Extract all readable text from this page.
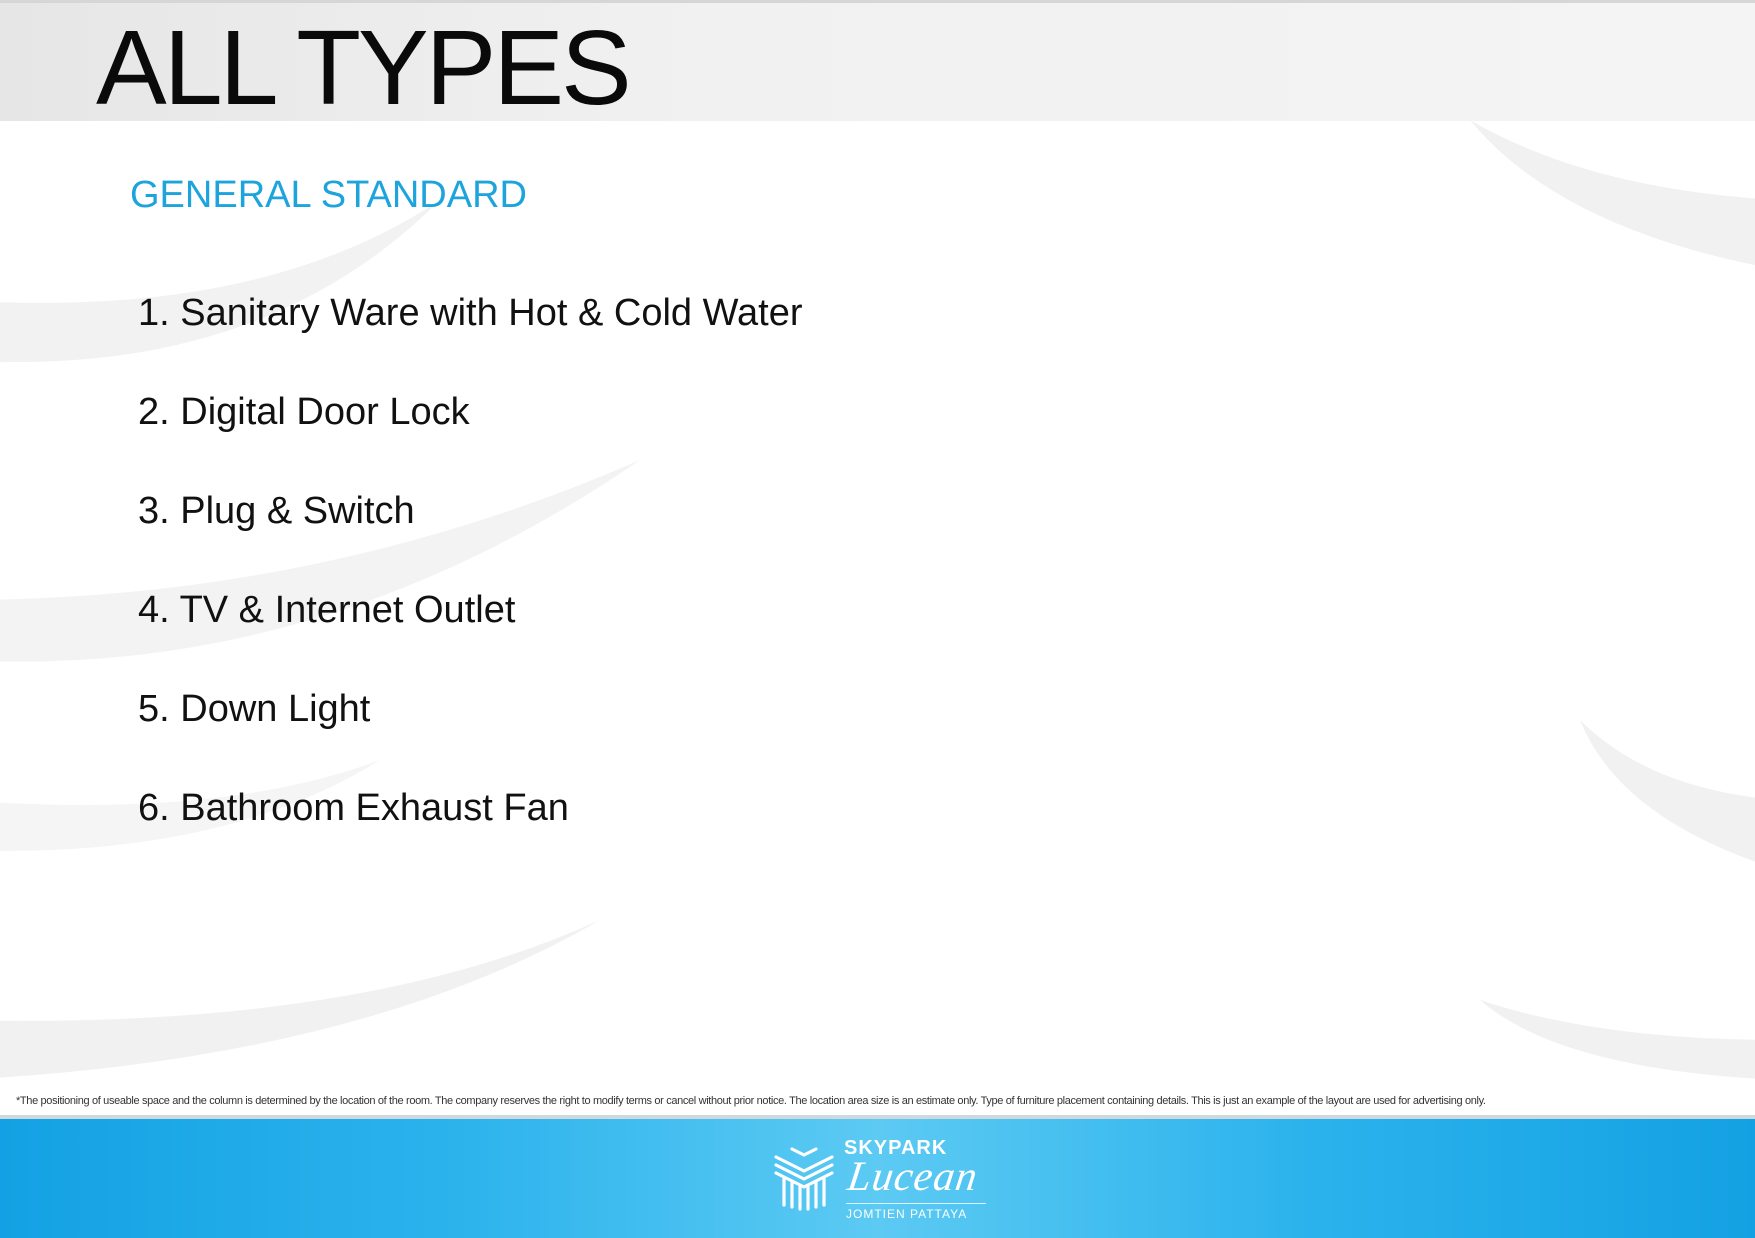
ALL TYPES
GENERAL STANDARD
1. Sanitary Ware with Hot & Cold Water
2. Digital Door Lock
3. Plug & Switch
4. TV & Internet Outlet
5. Down Light
6. Bathroom Exhaust Fan

*The positioning of useable space and the column is determined by the location of the room. The company reserves the right to modify terms or cancel without prior notice. The location area size is an estimate only. Type of furniture placement containing details. This is just an example of the layout are used for advertising only.

SKYPARK
Lucean
JOMTIEN PATTAYA
